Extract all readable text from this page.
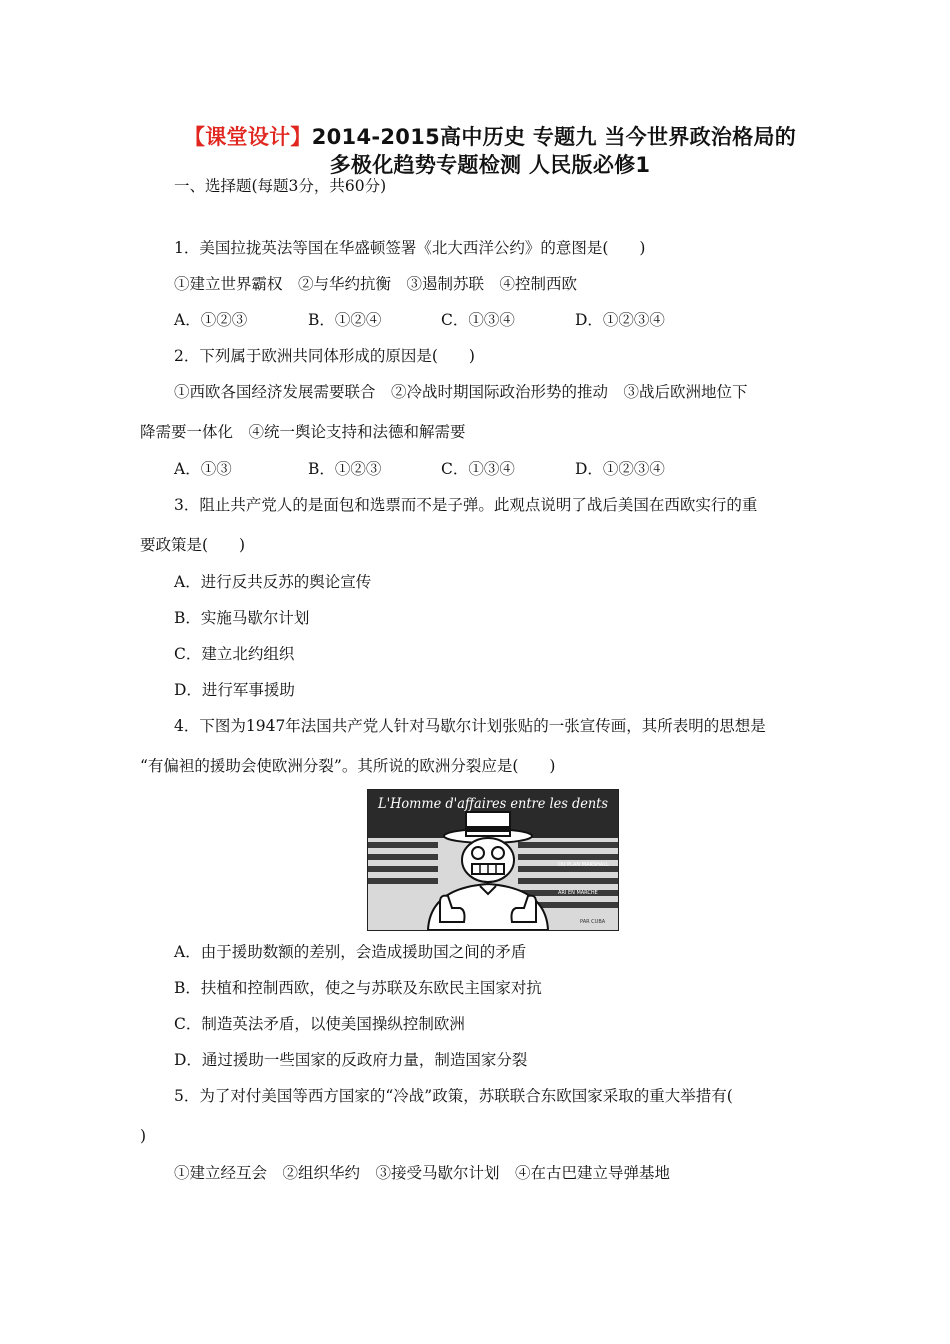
【课堂设计】2014-2015高中历史 专题九 当今世界政治格局的
多极化趋势专题检测 人民版必修1
一、选择题(每题3分，共60分)
1．美国拉拢英法等国在华盛顿签署《北大西洋公约》的意图是(　　)
①建立世界霸权　②与华约抗衡　③遏制苏联　④控制西欧
A．①②③	B．①②④	C．①③④	D．①②③④
2．下列属于欧洲共同体形成的原因是(　　)
①西欧各国经济发展需要联合　②冷战时期国际政治形势的推动　③战后欧洲地位下
降需要一体化　④统一舆论支持和法德和解需要
A．①③	B．①②③	C．①③④	D．①②③④
3．阻止共产党人的是面包和选票而不是子弹。此观点说明了战后美国在西欧实行的重
要政策是(　　)
A．进行反共反苏的舆论宣传
B．实施马歇尔计划
C．建立北约组织
D．进行军事援助
4．下图为1947年法国共产党人针对马歇尔计划张贴的一张宣传画，其所表明的思想是
“有偏袒的援助会使欧洲分裂”。其所说的欧洲分裂应是(　　)
L'Homme d'affaires entre les dents
DU PLAN MARSHALL
ARI EN MARCHE
PAR CUBA
A．由于援助数额的差别，会造成援助国之间的矛盾
B．扶植和控制西欧，使之与苏联及东欧民主国家对抗
C．制造英法矛盾，以使美国操纵控制欧洲
D．通过援助一些国家的反政府力量，制造国家分裂
5．为了对付美国等西方国家的“冷战”政策，苏联联合东欧国家采取的重大举措有(
)
①建立经互会　②组织华约　③接受马歇尔计划　④在古巴建立导弹基地
